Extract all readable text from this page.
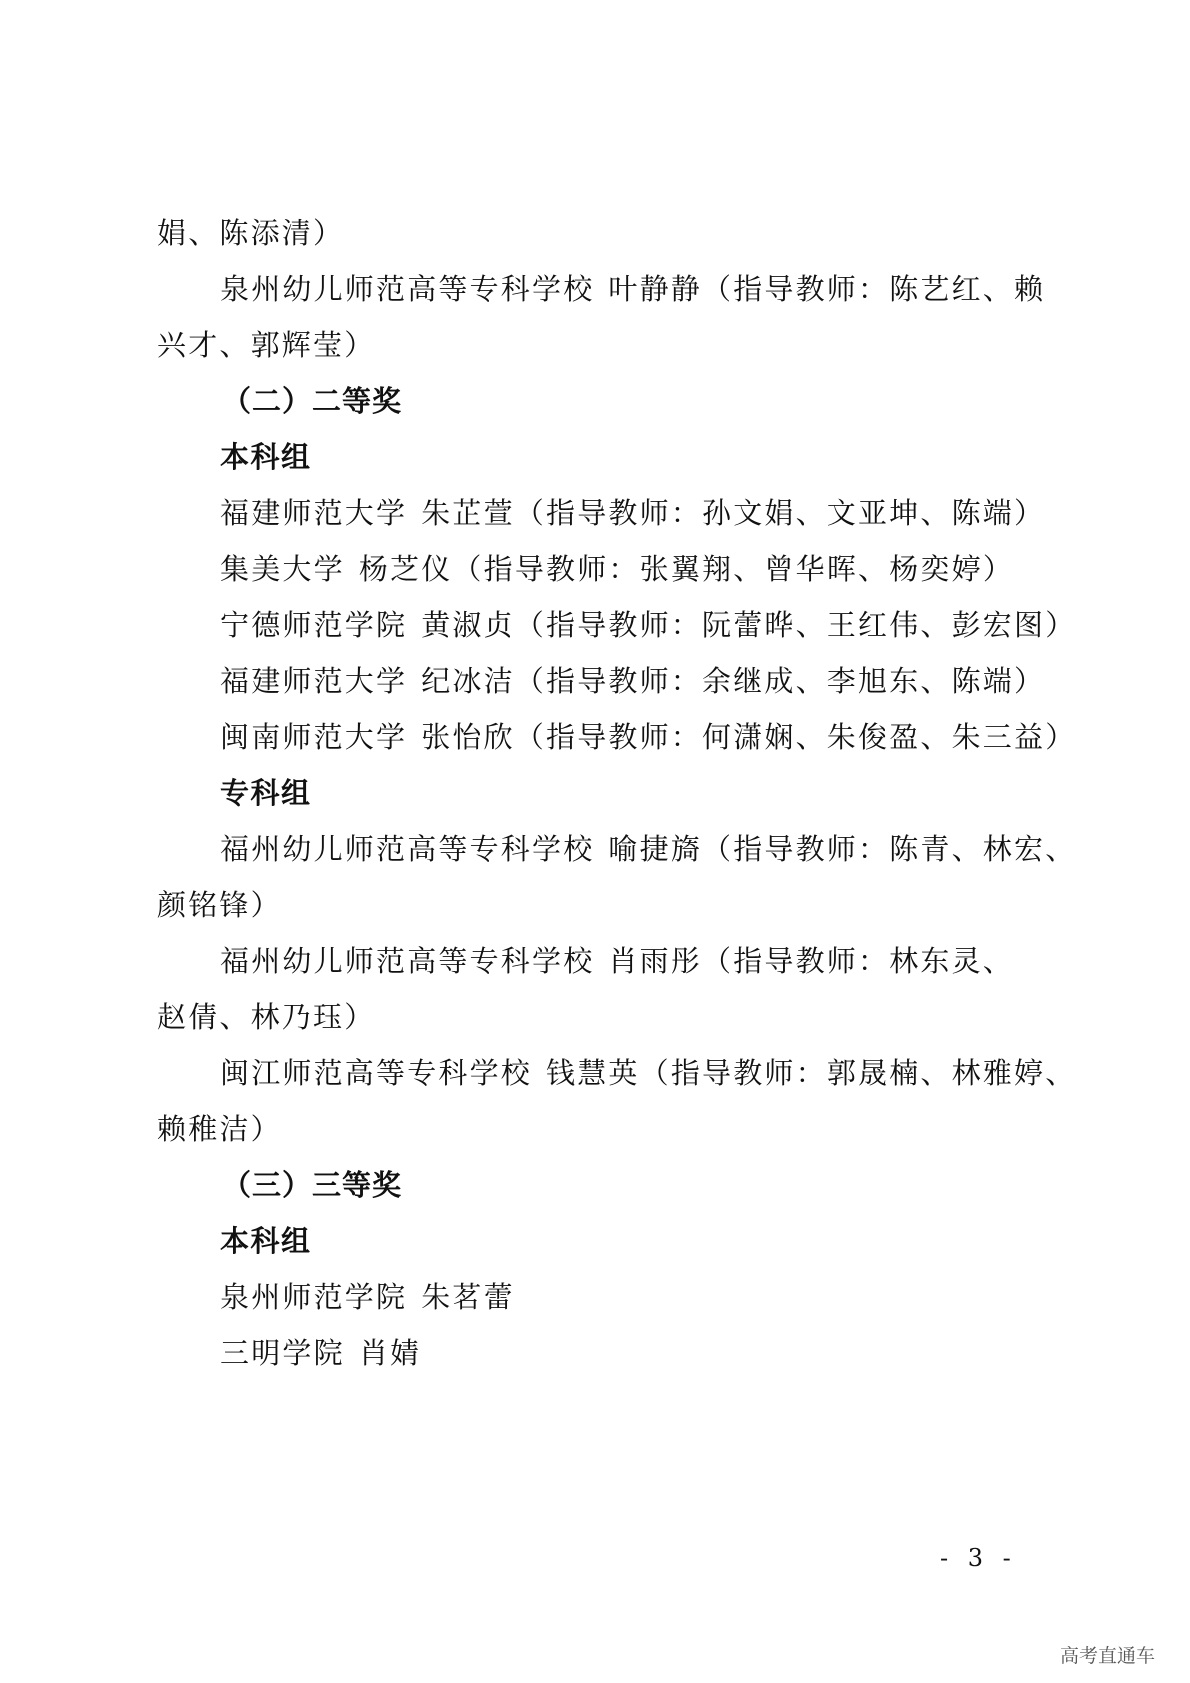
娟、陈添清）
泉州幼儿师范高等专科学校 叶静静（指导教师：陈艺红、赖
兴才、郭辉莹）
（二）二等奖
本科组
福建师范大学 朱芷萱（指导教师：孙文娟、文亚坤、陈端）
集美大学 杨芝仪（指导教师：张翼翔、曾华晖、杨奕婷）
宁德师范学院 黄淑贞（指导教师：阮蕾晔、王红伟、彭宏图）
福建师范大学 纪冰洁（指导教师：余继成、李旭东、陈端）
闽南师范大学 张怡欣（指导教师：何潇娴、朱俊盈、朱三益）
专科组
福州幼儿师范高等专科学校 喻捷旖（指导教师：陈青、林宏、
颜铭锋）
福州幼儿师范高等专科学校 肖雨彤（指导教师：林东灵、
赵倩、林乃珏）
闽江师范高等专科学校 钱慧英（指导教师：郭晟楠、林雅婷、
赖稚洁）
（三）三等奖
本科组
泉州师范学院 朱茗蕾
三明学院 肖婧
- 3 -
高考直通车
